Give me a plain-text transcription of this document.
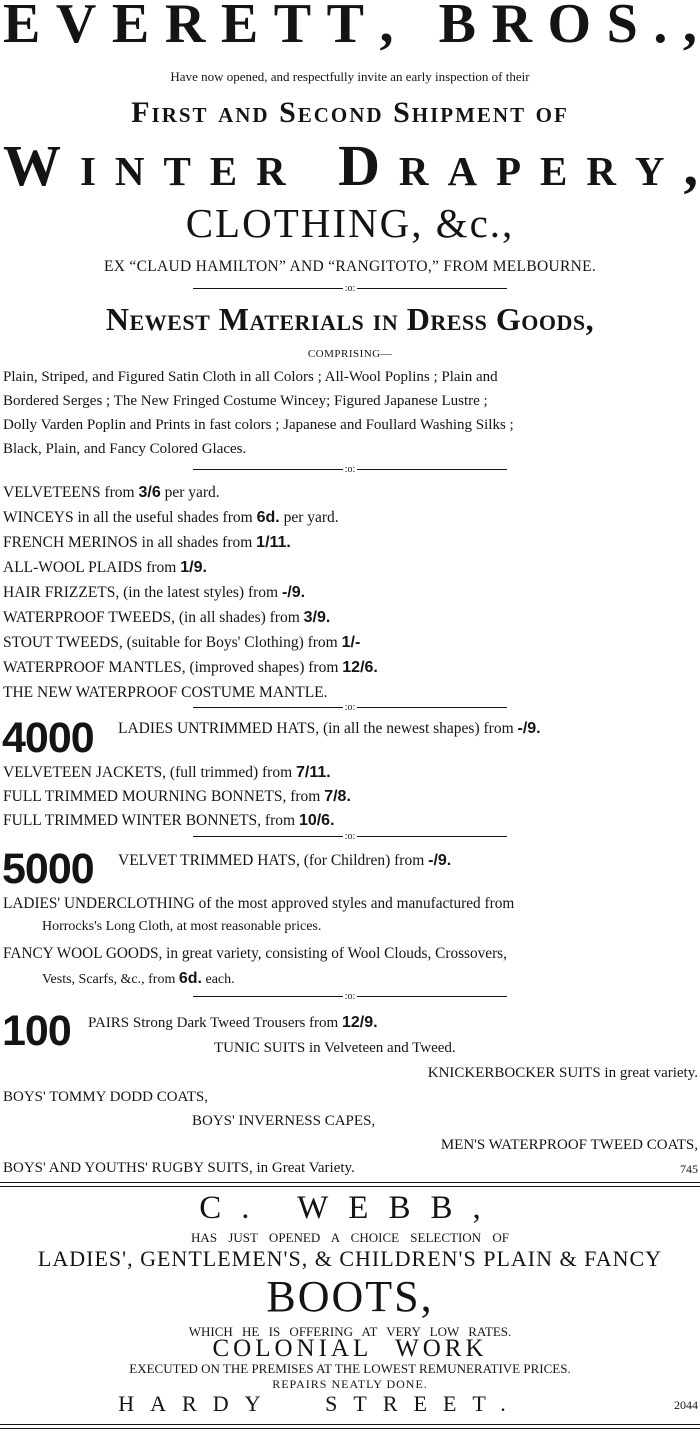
E V E R E T T ,
B R O S . ,
Have now opened, and respectfully invite an early inspection of their
First and Second Shipment of
W i n t e r
D r a p e r y ,
CLOTHING, &c.,
EX “CLAUD HAMILTON” AND “RANGITOTO,” FROM MELBOURNE.
:o:
Newest Materials in Dress Goods,
COMPRISING—
Plain, Striped, and Figured Satin Cloth in all Colors ; All-Wool Poplins ; Plain and
Bordered Serges ; The New Fringed Costume Wincey; Figured Japanese Lustre ;
Dolly Varden Poplin and Prints in fast colors ; Japanese and Foullard Washing Silks ;
Black, Plain, and Fancy Colored Glaces.
:o:
VELVETEENS from 3/6 per yard.
WINCEYS in all the useful shades from 6d. per yard.
FRENCH MERINOS in all shades from 1/11.
ALL-WOOL PLAIDS from 1/9.
HAIR FRIZZETS, (in the latest styles) from -/9.
WATERPROOF TWEEDS, (in all shades) from 3/9.
STOUT TWEEDS, (suitable for Boys' Clothing) from 1/-
WATERPROOF MANTLES, (improved shapes) from 12/6.
THE NEW WATERPROOF COSTUME MANTLE.
:o:
4000 LADIES UNTRIMMED HATS, (in all the newest shapes) from -/9.
VELVETEEN JACKETS, (full trimmed) from 7/11.
FULL TRIMMED MOURNING BONNETS, from 7/8.
FULL TRIMMED WINTER BONNETS, from 10/6.
:o:
5000 VELVET TRIMMED HATS, (for Children) from -/9.
LADIES' UNDERCLOTHING of the most approved styles and manufactured from
Horrocks's Long Cloth, at most reasonable prices.
FANCY WOOL GOODS, in great variety, consisting of Wool Clouds, Crossovers,
Vests, Scarfs, &c., from 6d. each.
:o:
100 PAIRS Strong Dark Tweed Trousers from 12/9.
TUNIC SUITS in Velveteen and Tweed.
KNICKERBOCKER SUITS in great variety.
BOYS' TOMMY DODD COATS,
BOYS' INVERNESS CAPES,
MEN'S WATERPROOF TWEED COATS,
BOYS' AND YOUTHS' RUGBY SUITS, in Great Variety.	745
C. WEBB,
HAS JUST OPENED A CHOICE SELECTION OF
LADIES', GENTLEMEN'S, & CHILDREN'S PLAIN & FANCY
BOOTS,
WHICH HE IS OFFERING AT VERY LOW RATES.
COLONIAL WORK
EXECUTED ON THE PREMISES AT THE LOWEST REMUNERATIVE PRICES.
REPAIRS NEATLY DONE.
HARDY STREET.	2044
